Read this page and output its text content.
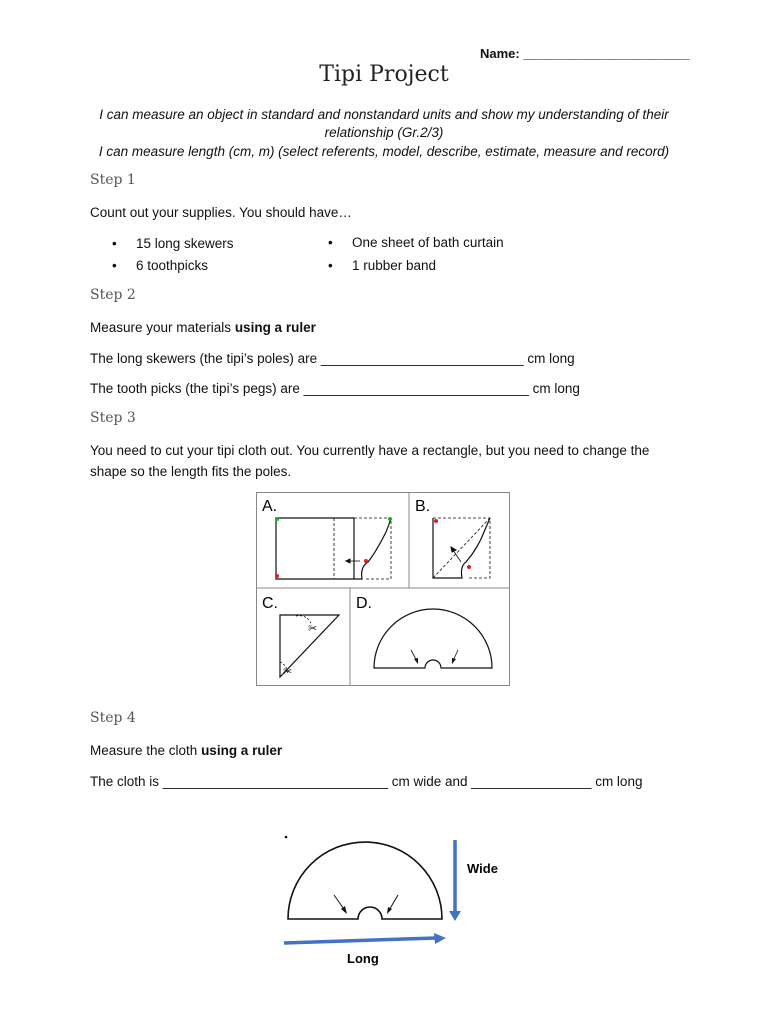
Name: _______________________
Tipi Project
I can measure an object in standard and nonstandard units and show my understanding of their relationship (Gr.2/3)
I can measure length (cm, m) (select referents, model, describe, estimate, measure and record)
Step 1
Count out your supplies. You should have…
• 15 long skewers
• 6 toothpicks
• One sheet of bath curtain
• 1 rubber band
Step 2
Measure your materials using a ruler
The long skewers (the tipi’s poles) are ___________________________ cm long
The tooth picks (the tipi’s pegs) are ______________________________ cm long
Step 3
You need to cut your tipi cloth out. You currently have a rectangle, but you need to change the
shape so the length fits the poles.
A.	B.
C.	D.
✂
✂
Step 4
Measure the cloth using a ruler
The cloth is ______________________________ cm wide and ________________ cm long
Wide
Long
